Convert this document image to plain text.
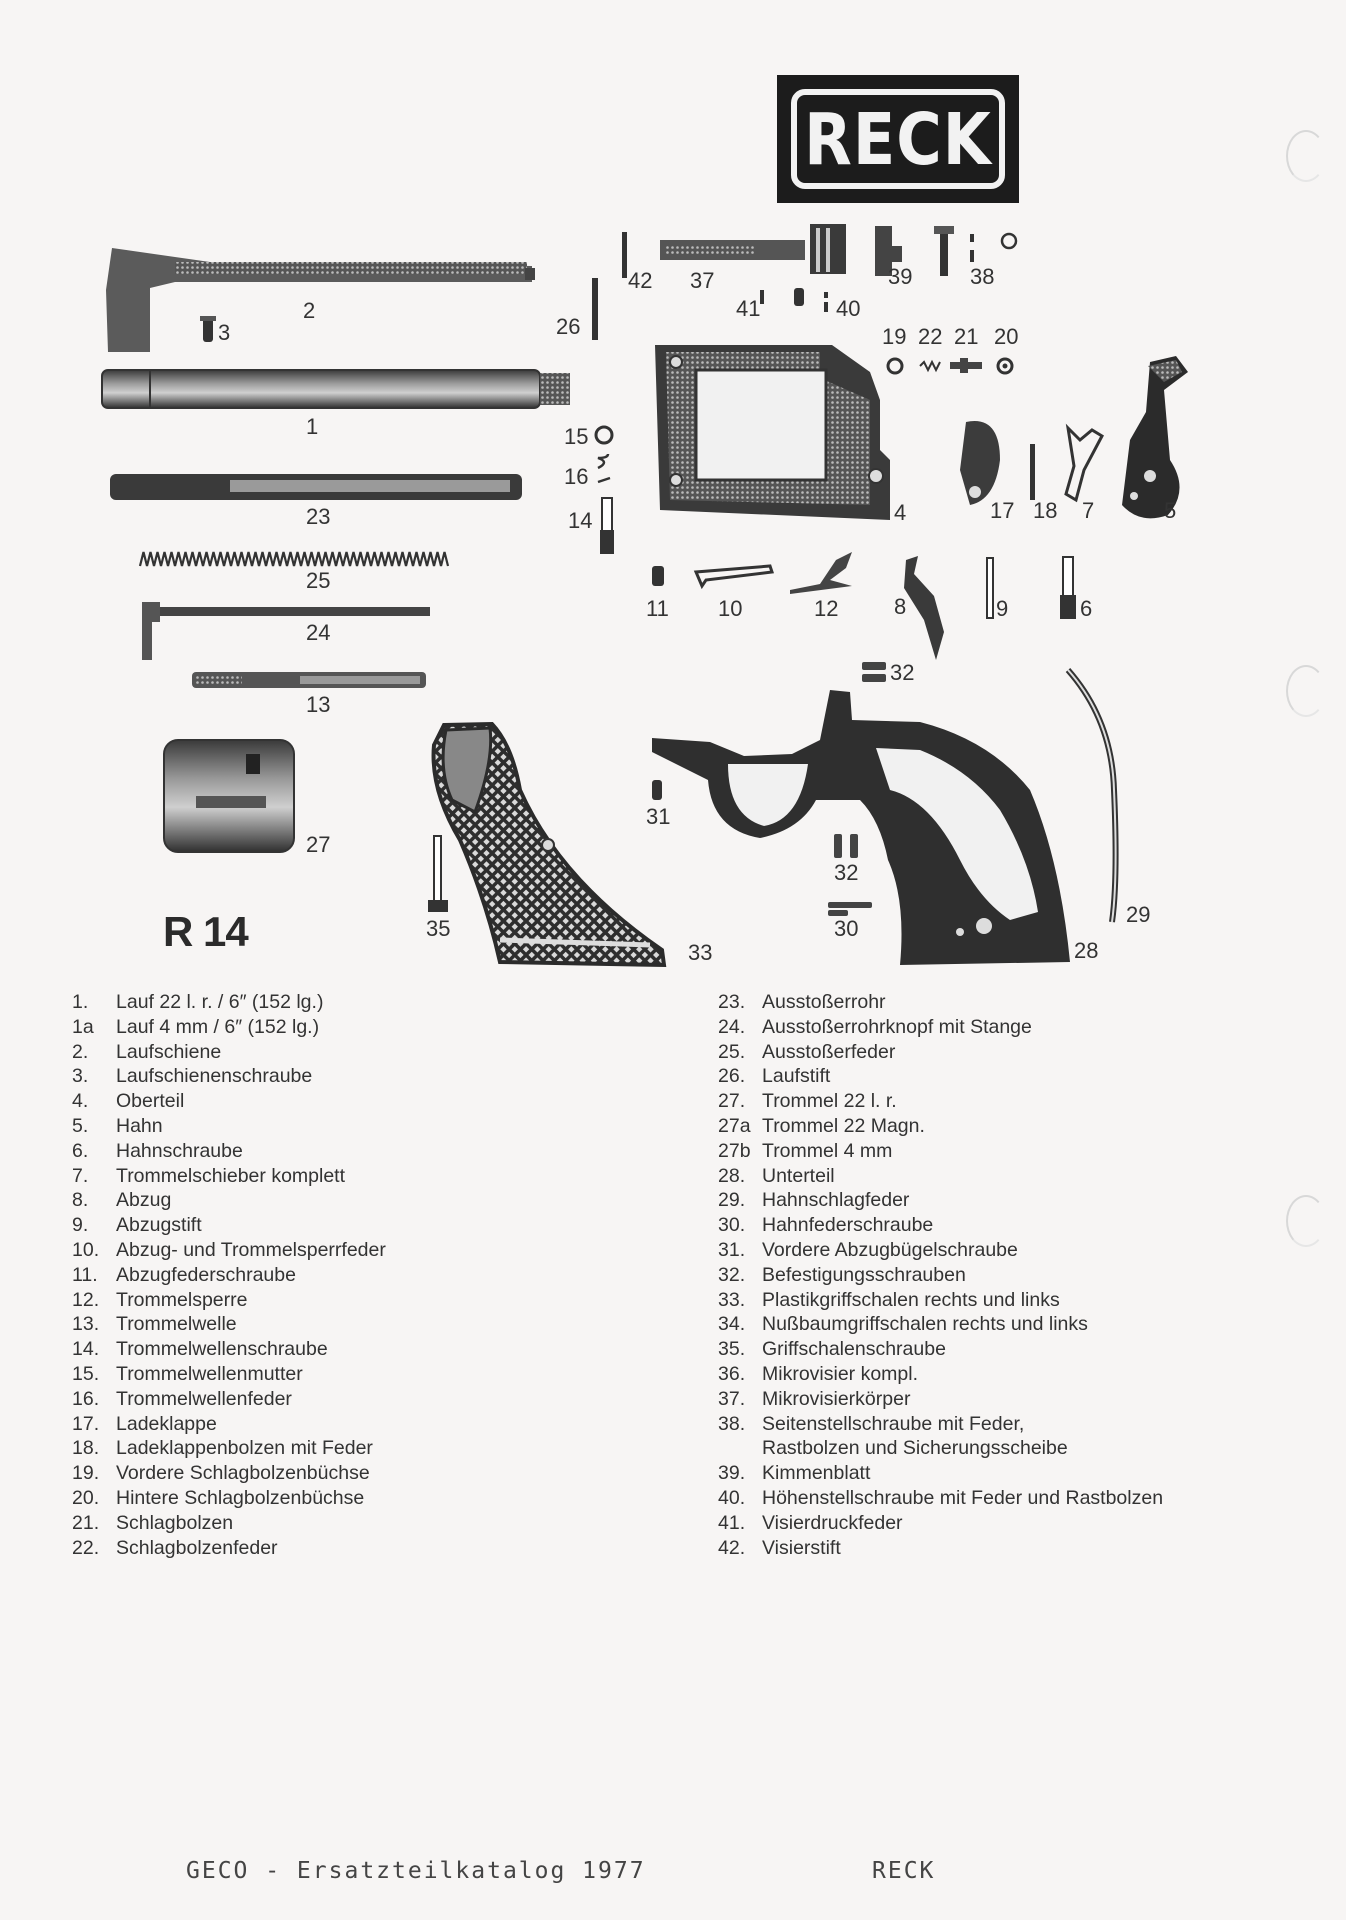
RECK
2
3
1
26
42 37	39	38
41	40
19 22 21 20
15
16
14	4	17 18 7	5
23
25
24
13
11 10	12	8	9	6
32
31
27
32
30
35
33	28
29
R 14
1.	Lauf 22 l. r. / 6″ (152 lg.)
1a	Lauf 4 mm / 6″ (152 lg.)
2.	Laufschiene
3.	Laufschienenschraube
4.	Oberteil
5.	Hahn
6.	Hahnschraube
7.	Trommelschieber komplett
8.	Abzug
9.	Abzugstift
10. Abzug- und Trommelsperrfeder
11. Abzugfederschraube
12. Trommelsperre
13. Trommelwelle
14. Trommelwellenschraube
15. Trommelwellenmutter
16. Trommelwellenfeder
17. Ladeklappe
18. Ladeklappenbolzen mit Feder
19. Vordere Schlagbolzenbüchse
20. Hintere Schlagbolzenbüchse
21. Schlagbolzen
22. Schlagbolzenfeder
23. Ausstoßerrohr
24. Ausstoßerrohrknopf mit Stange
25. Ausstoßerfeder
26. Laufstift
27. Trommel 22 l. r.
27a Trommel 22 Magn.
27b Trommel 4 mm
28. Unterteil
29. Hahnschlagfeder
30. Hahnfederschraube
31. Vordere Abzugbügelschraube
32. Befestigungsschrauben
33. Plastikgriffschalen rechts und links
34. Nußbaumgriffschalen rechts und links
35. Griffschalenschraube
36. Mikrovisier kompl.
37. Mikrovisierkörper
38. Seitenstellschraube mit Feder,
Rastbolzen und Sicherungsscheibe
39. Kimmenblatt
40. Höhenstellschraube mit Feder und Rastbolzen
41. Visierdruckfeder
42. Visierstift
GECO - Ersatzteilkatalog 1977	RECK
